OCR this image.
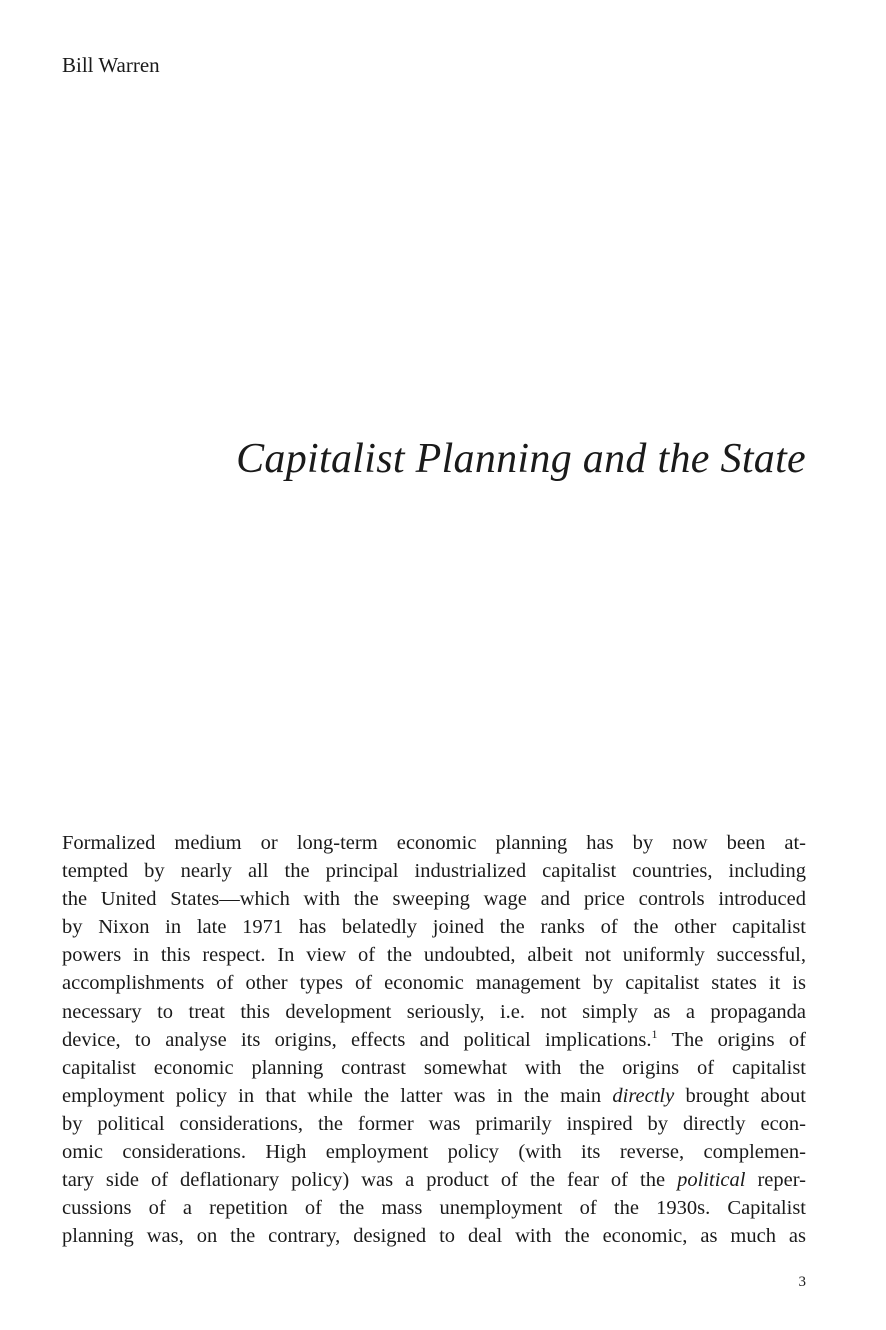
Bill Warren

Capitalist Planning and the State
Formalized medium or long-term economic planning has by now been at-
tempted by nearly all the principal industrialized capitalist countries, including
the United States—which with the sweeping wage and price controls introduced
by Nixon in late 1971 has belatedly joined the ranks of the other capitalist
powers in this respect. In view of the undoubted, albeit not uniformly successful,
accomplishments of other types of economic management by capitalist states it is
necessary to treat this development seriously, i.e. not simply as a propaganda
device, to analyse its origins, effects and political implications.$^1$ The origins of
capitalist economic planning contrast somewhat with the origins of capitalist
employment policy in that while the latter was in the main directly brought about
by political considerations, the former was primarily inspired by directly econ-
omic considerations. High employment policy (with its reverse, complemen-
tary side of deflationary policy) was a product of the fear of the political reper-
cussions of a repetition of the mass unemployment of the 1930s. Capitalist
planning was, on the contrary, designed to deal with the economic, as much as

3
